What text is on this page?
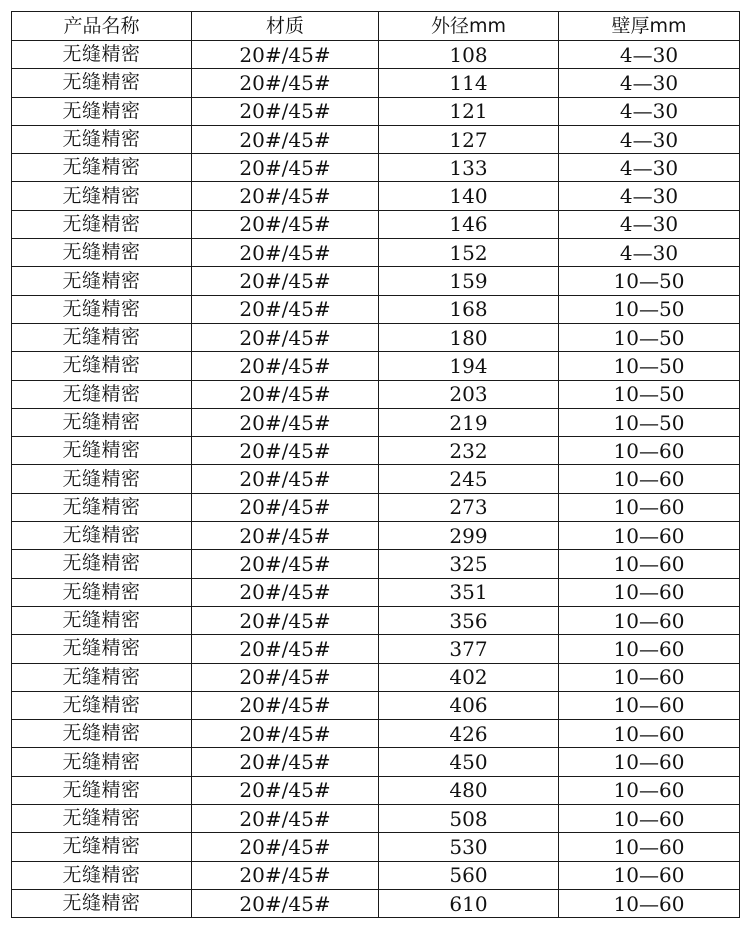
产品名称	材质	外径mm	壁厚mm
无缝精密	20#/45#	108	4—30
无缝精密	20#/45#	114	4—30
无缝精密	20#/45#	121	4—30
无缝精密	20#/45#	127	4—30
无缝精密	20#/45#	133	4—30
无缝精密	20#/45#	140	4—30
无缝精密	20#/45#	146	4—30
无缝精密	20#/45#	152	4—30
无缝精密	20#/45#	159	10—50
无缝精密	20#/45#	168	10—50
无缝精密	20#/45#	180	10—50
无缝精密	20#/45#	194	10—50
无缝精密	20#/45#	203	10—50
无缝精密	20#/45#	219	10—50
无缝精密	20#/45#	232	10—60
无缝精密	20#/45#	245	10—60
无缝精密	20#/45#	273	10—60
无缝精密	20#/45#	299	10—60
无缝精密	20#/45#	325	10—60
无缝精密	20#/45#	351	10—60
无缝精密	20#/45#	356	10—60
无缝精密	20#/45#	377	10—60
无缝精密	20#/45#	402	10—60
无缝精密	20#/45#	406	10—60
无缝精密	20#/45#	426	10—60
无缝精密	20#/45#	450	10—60
无缝精密	20#/45#	480	10—60
无缝精密	20#/45#	508	10—60
无缝精密	20#/45#	530	10—60
无缝精密	20#/45#	560	10—60
无缝精密	20#/45#	610	10—60
